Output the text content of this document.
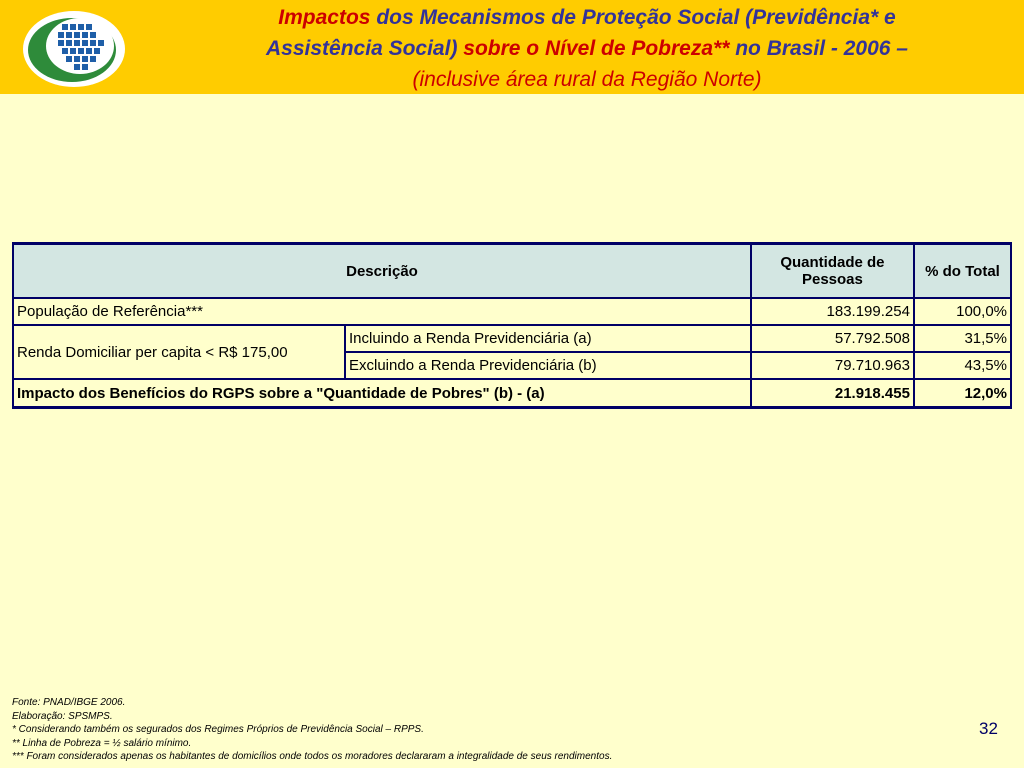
Impactos dos Mecanismos de Proteção Social (Previdência* e
Assistência Social) sobre o Nível de Pobreza** no Brasil - 2006 –
(inclusive área rural da Região Norte)
Descrição		Quantidade de Pessoas	% do Total
População de Referência***		183.199.254	100,0%
Renda Domiciliar per capita < R$ 175,00	Incluindo a Renda Previdenciária (a)	57.792.508	31,5%
	Excluindo a Renda Previdenciária (b)	79.710.963	43,5%
Impacto dos Benefícios do RGPS sobre a "Quantidade de Pobres" (b) - (a)		21.918.455	12,0%
Fonte: PNAD/IBGE 2006.
Elaboração: SPSMPS.
* Considerando também os segurados dos Regimes Próprios de Previdência Social – RPPS.
** Linha de Pobreza = ½ salário mínimo.
*** Foram considerados apenas os habitantes de domicílios onde todos os moradores declararam a integralidade de seus rendimentos.
32
